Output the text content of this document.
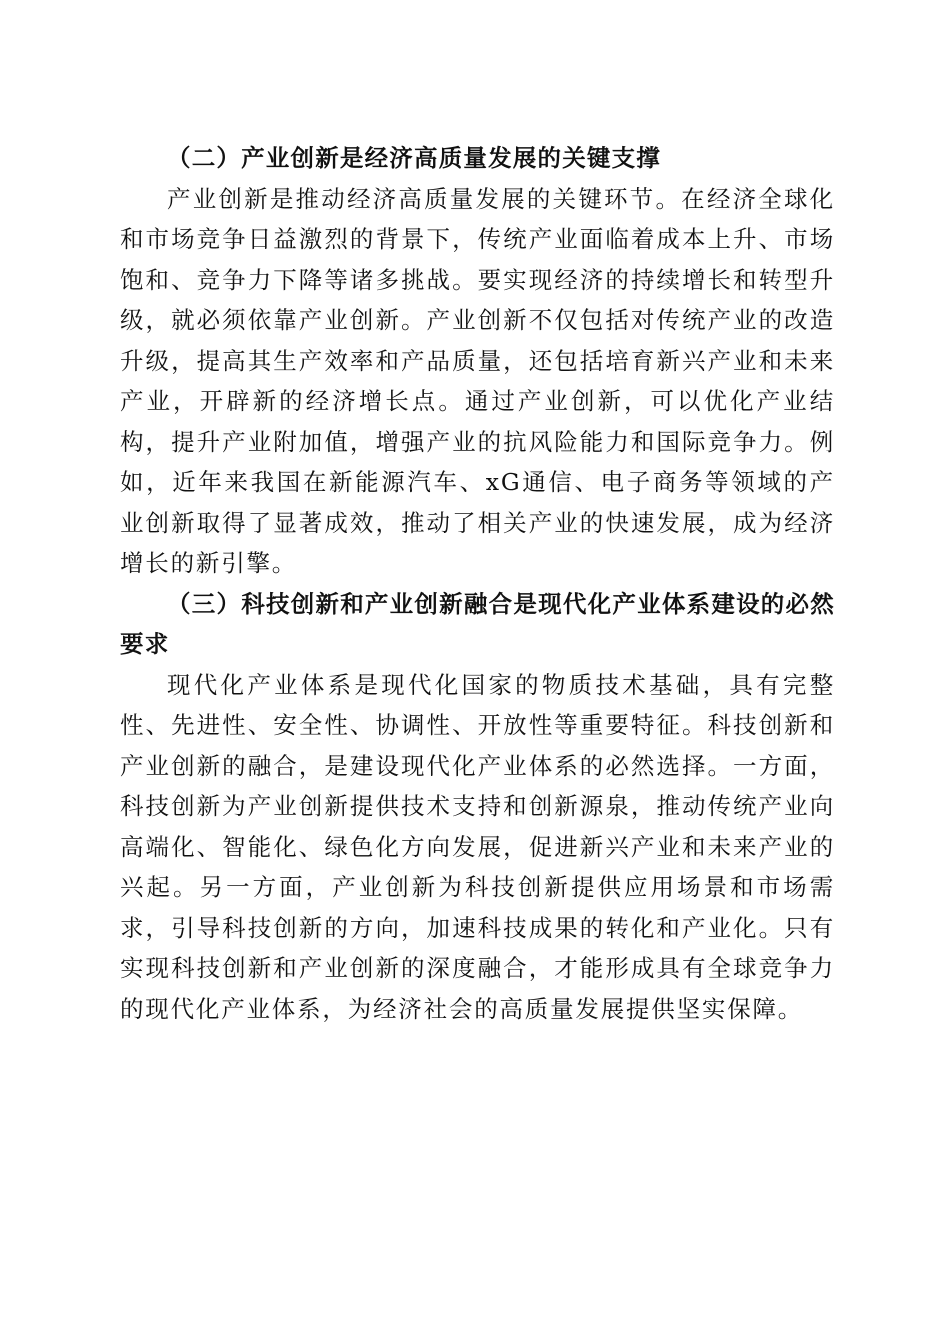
（二）产业创新是经济高质量发展的关键支撑

产业创新是推动经济高质量发展的关键环节。在经济全球化和市场竞争日益激烈的背景下，传统产业面临着成本上升、市场饱和、竞争力下降等诸多挑战。要实现经济的持续增长和转型升级，就必须依靠产业创新。产业创新不仅包括对传统产业的改造升级，提高其生产效率和产品质量，还包括培育新兴产业和未来产业，开辟新的经济增长点。通过产业创新，可以优化产业结构，提升产业附加值，增强产业的抗风险能力和国际竞争力。例如，近年来我国在新能源汽车、xG通信、电子商务等领域的产业创新取得了显著成效，推动了相关产业的快速发展，成为经济增长的新引擎。

（三）科技创新和产业创新融合是现代化产业体系建设的必然要求

现代化产业体系是现代化国家的物质技术基础，具有完整性、先进性、安全性、协调性、开放性等重要特征。科技创新和产业创新的融合，是建设现代化产业体系的必然选择。一方面，科技创新为产业创新提供技术支持和创新源泉，推动传统产业向高端化、智能化、绿色化方向发展，促进新兴产业和未来产业的兴起。另一方面，产业创新为科技创新提供应用场景和市场需求，引导科技创新的方向，加速科技成果的转化和产业化。只有实现科技创新和产业创新的深度融合，才能形成具有全球竞争力的现代化产业体系，为经济社会的高质量发展提供坚实保障。
